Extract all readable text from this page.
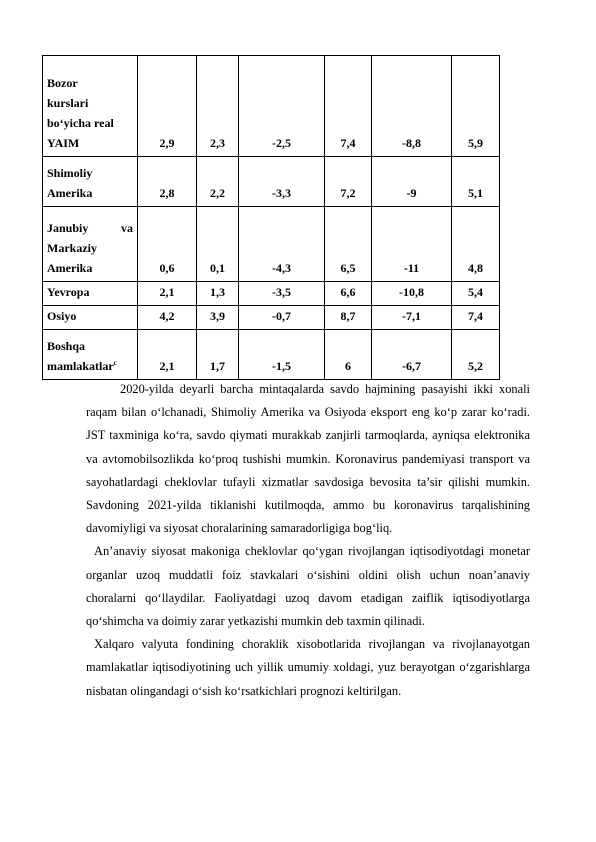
Bozor
kurslari
bo‘yicha real
YAIM	2,9	2,3	-2,5	7,4	-8,8	5,9

Shimoliy
Amerika	2,8	2,2	-3,3	7,2	-9	5,1

Janubiy va
Markaziy
Amerika	0,6	0,1	-4,3	6,5	-11	4,8

Yevropa	2,1	1,3	-3,5	6,6	-10,8	5,4

Osiyo	4,2	3,9	-0,7	8,7	-7,1	7,4

Boshqa
mamlakatlar$^c$	2,1	1,7	-1,5	6	-6,7	5,2

2020-yilda deyarli barcha mintaqalarda savdo hajmining pasayishi ikki xonali raqam bilan o‘lchanadi, Shimoliy Amerika va Osiyoda eksport eng ko‘p zarar ko‘radi. JST taxminiga ko‘ra, savdo qiymati murakkab zanjirli tarmoqlarda, ayniqsa elektronika va avtomobilsozlikda ko‘proq tushishi mumkin. Koronavirus pandemiyasi transport va sayohatlardagi cheklovlar tufayli xizmatlar savdosiga bevosita ta’sir qilishi mumkin. Savdoning 2021-yilda tiklanishi kutilmoqda, ammo bu koronavirus tarqalishining davomiyligi va siyosat choralarining samaradorligiga bog‘liq.

An’anaviy siyosat makoniga cheklovlar qo‘ygan rivojlangan iqtisodiyotdagi monetar organlar uzoq muddatli foiz stavkalari o‘sishini oldini olish uchun noan’anaviy choralarni qo‘llaydilar. Faoliyatdagi uzoq davom etadigan zaiflik iqtisodiyotlarga qo‘shimcha va doimiy zarar yetkazishi mumkin deb taxmin qilinadi.

Xalqaro valyuta fondining choraklik xisobotlarida rivojlangan va rivojlanayotgan mamlakatlar iqtisodiyotining uch yillik umumiy xoldagi, yuz berayotgan o‘zgarishlarga nisbatan olingandagi o‘sish ko‘rsatkichlari prognozi keltirilgan.
